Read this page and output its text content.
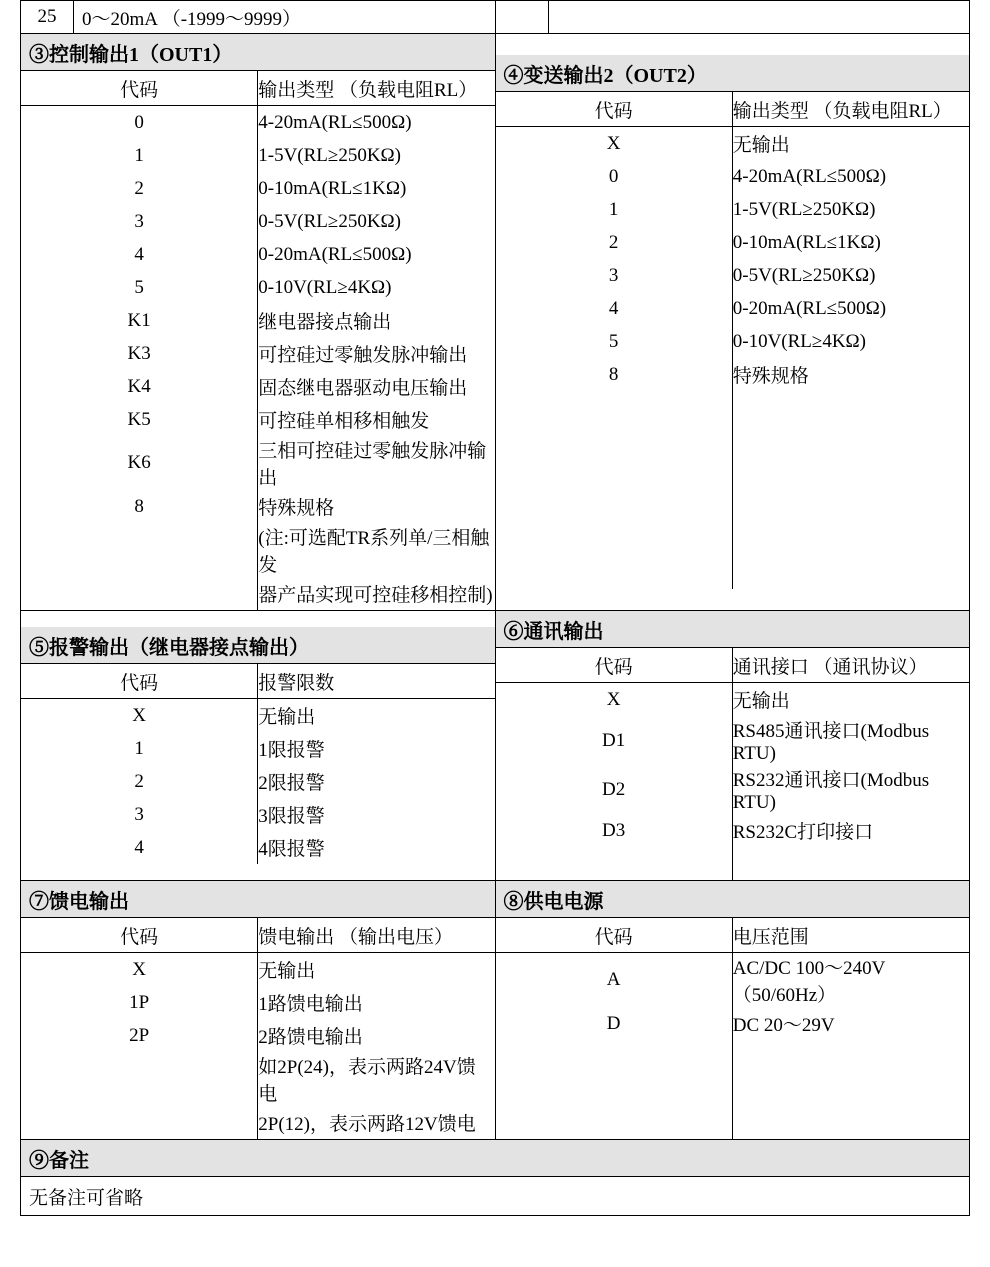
25	0～20mA （-1999～9999）		

③控制输出1（OUT1）
代码	输出类型 （负载电阻RL）
0	4-20mA(RL≤500Ω)
1	1-5V(RL≥250KΩ)
2	0-10mA(RL≤1KΩ)
3	0-5V(RL≥250KΩ)
4	0-20mA(RL≤500Ω)
5	0-10V(RL≥4KΩ)
K1	继电器接点输出
K3	可控硅过零触发脉冲输出
K4	固态继电器驱动电压输出
K5	可控硅单相移相触发
K6	三相可控硅过零触发脉冲输出
8	特殊规格
	(注:可选配TR系列单/三相触发
	器产品实现可控硅移相控制)

④变送输出2（OUT2）
代码	输出类型 （负载电阻RL）
X	无输出
0	4-20mA(RL≤500Ω)
1	1-5V(RL≥250KΩ)
2	0-10mA(RL≤1KΩ)
3	0-5V(RL≥250KΩ)
4	0-20mA(RL≤500Ω)
5	0-10V(RL≥4KΩ)
8	特殊规格

⑤报警输出（继电器接点输出）
代码	报警限数
X	无输出
1	1限报警
2	2限报警
3	3限报警
4	4限报警

⑥通讯输出
代码	通讯接口 （通讯协议）
X	无输出
D1	RS485通讯接口(Modbus RTU)
D2	RS232通讯接口(Modbus RTU)
D3	RS232C打印接口

⑦馈电输出
代码	馈电输出 （输出电压）
X	无输出
1P	1路馈电输出
2P	2路馈电输出
	如2P(24)，表示两路24V馈电
	2P(12)，表示两路12V馈电

⑧供电电源
代码	电压范围
A	AC/DC 100～240V （50/60Hz）
D	DC 20～29V

⑨备注
无备注可省略
